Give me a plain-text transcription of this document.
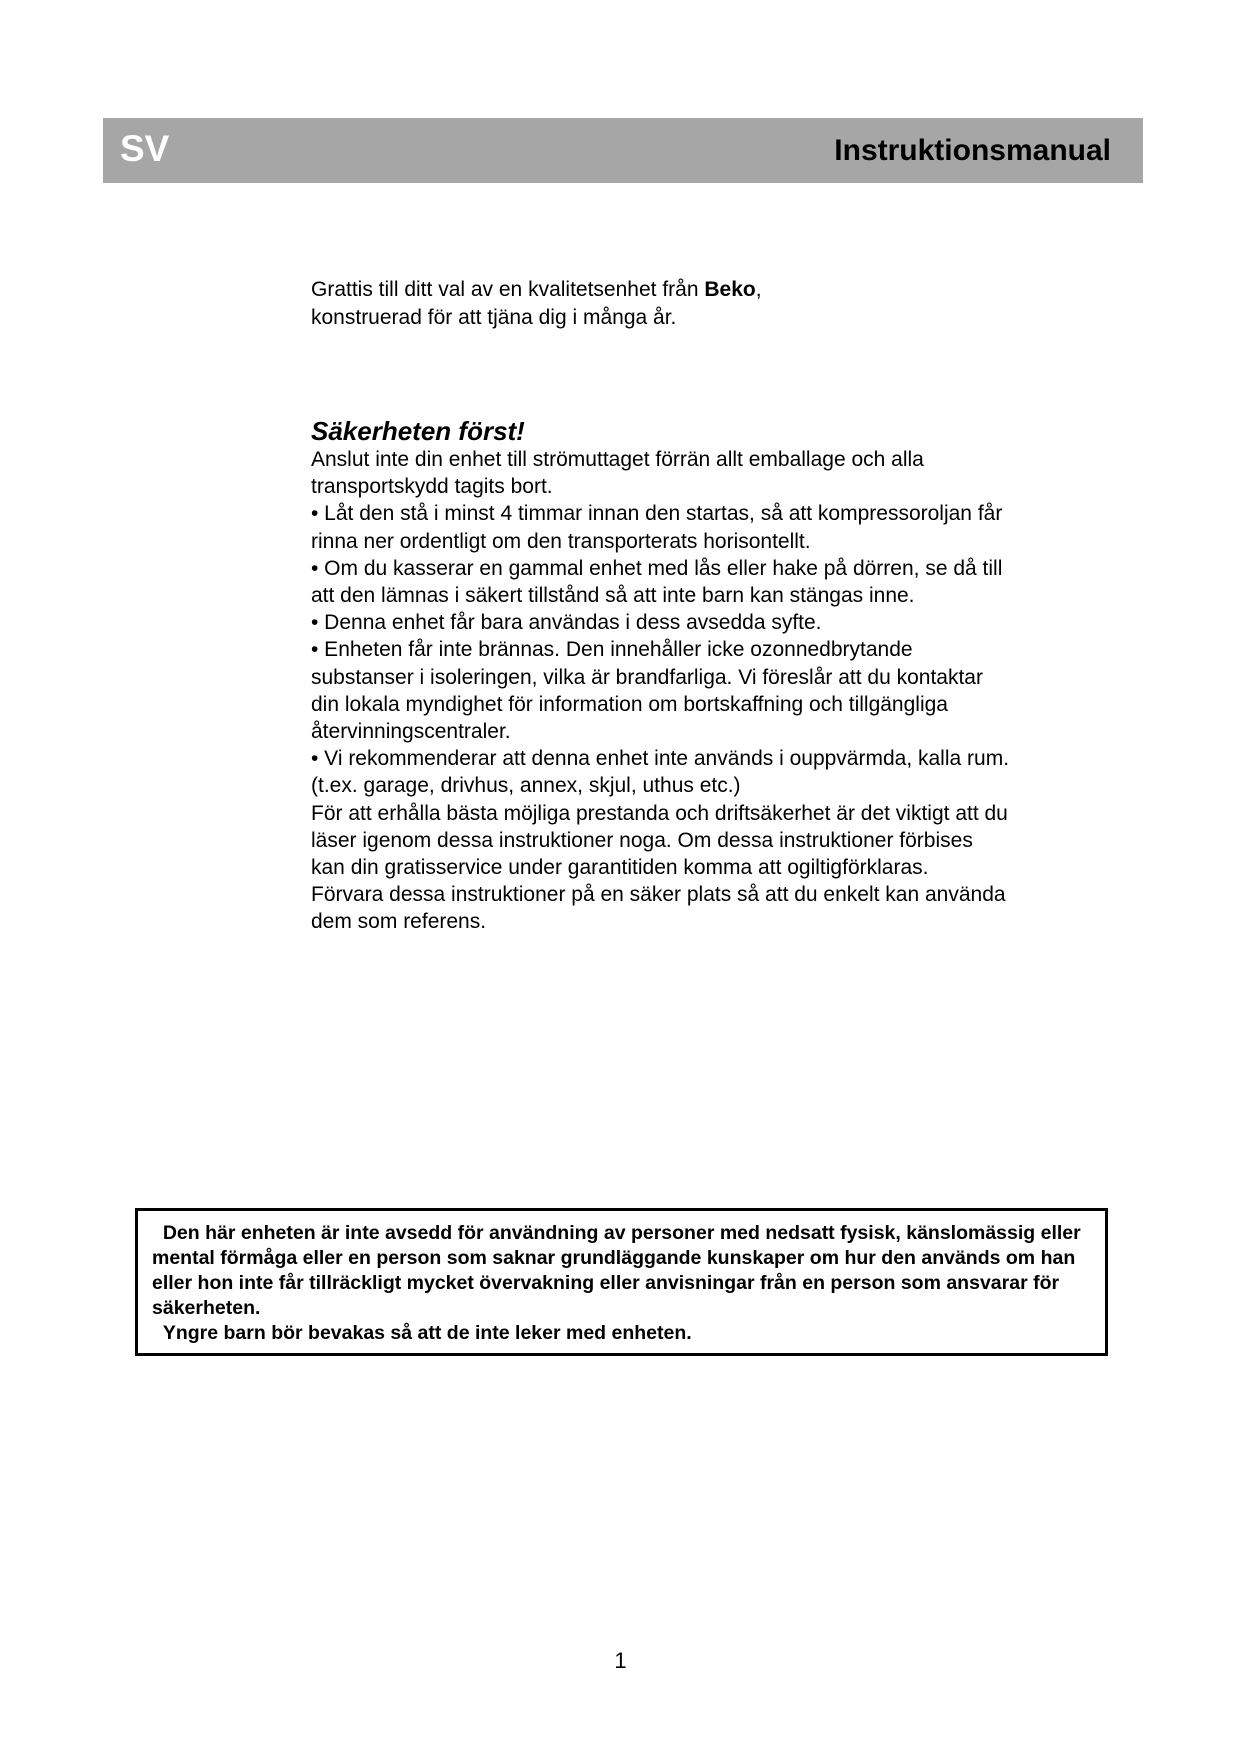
SV	Instruktionsmanual
Grattis till ditt val av en kvalitetsenhet från Beko,
konstruerad för att tjäna dig i många år.
Säkerheten först!

Anslut inte din enhet till strömuttaget förrän allt emballage och alla transportskydd tagits bort.

• Låt den stå i minst 4 timmar innan den startas, så att kompressoroljan får rinna ner ordentligt om den transporterats horisontellt.

• Om du kasserar en gammal enhet med lås eller hake på dörren, se då till att den lämnas i säkert tillstånd så att inte barn kan stängas inne.

• Denna enhet får bara användas i dess avsedda syfte.

• Enheten får inte brännas. Den innehåller icke ozonnedbrytande substanser i isoleringen, vilka är brandfarliga. Vi föreslår att du kontaktar din lokala myndighet för information om bortskaffning och tillgängliga återvinningscentraler.

• Vi rekommenderar att denna enhet inte används i ouppvärmda, kalla rum. (t.ex. garage, drivhus, annex, skjul, uthus etc.)

För att erhålla bästa möjliga prestanda och driftsäkerhet är det viktigt att du läser igenom dessa instruktioner noga. Om dessa instruktioner förbises kan din gratisservice under garantitiden komma att ogiltigförklaras.

Förvara dessa instruktioner på en säker plats så att du enkelt kan använda dem som referens.

Den här enheten är inte avsedd för användning av personer med nedsatt fysisk, känslomässig eller mental förmåga eller en person som saknar grundläggande kunskaper om hur den används om han eller hon inte får tillräckligt mycket övervakning eller anvisningar från en person som ansvarar för säkerheten.

Yngre barn bör bevakas så att de inte leker med enheten.

1
